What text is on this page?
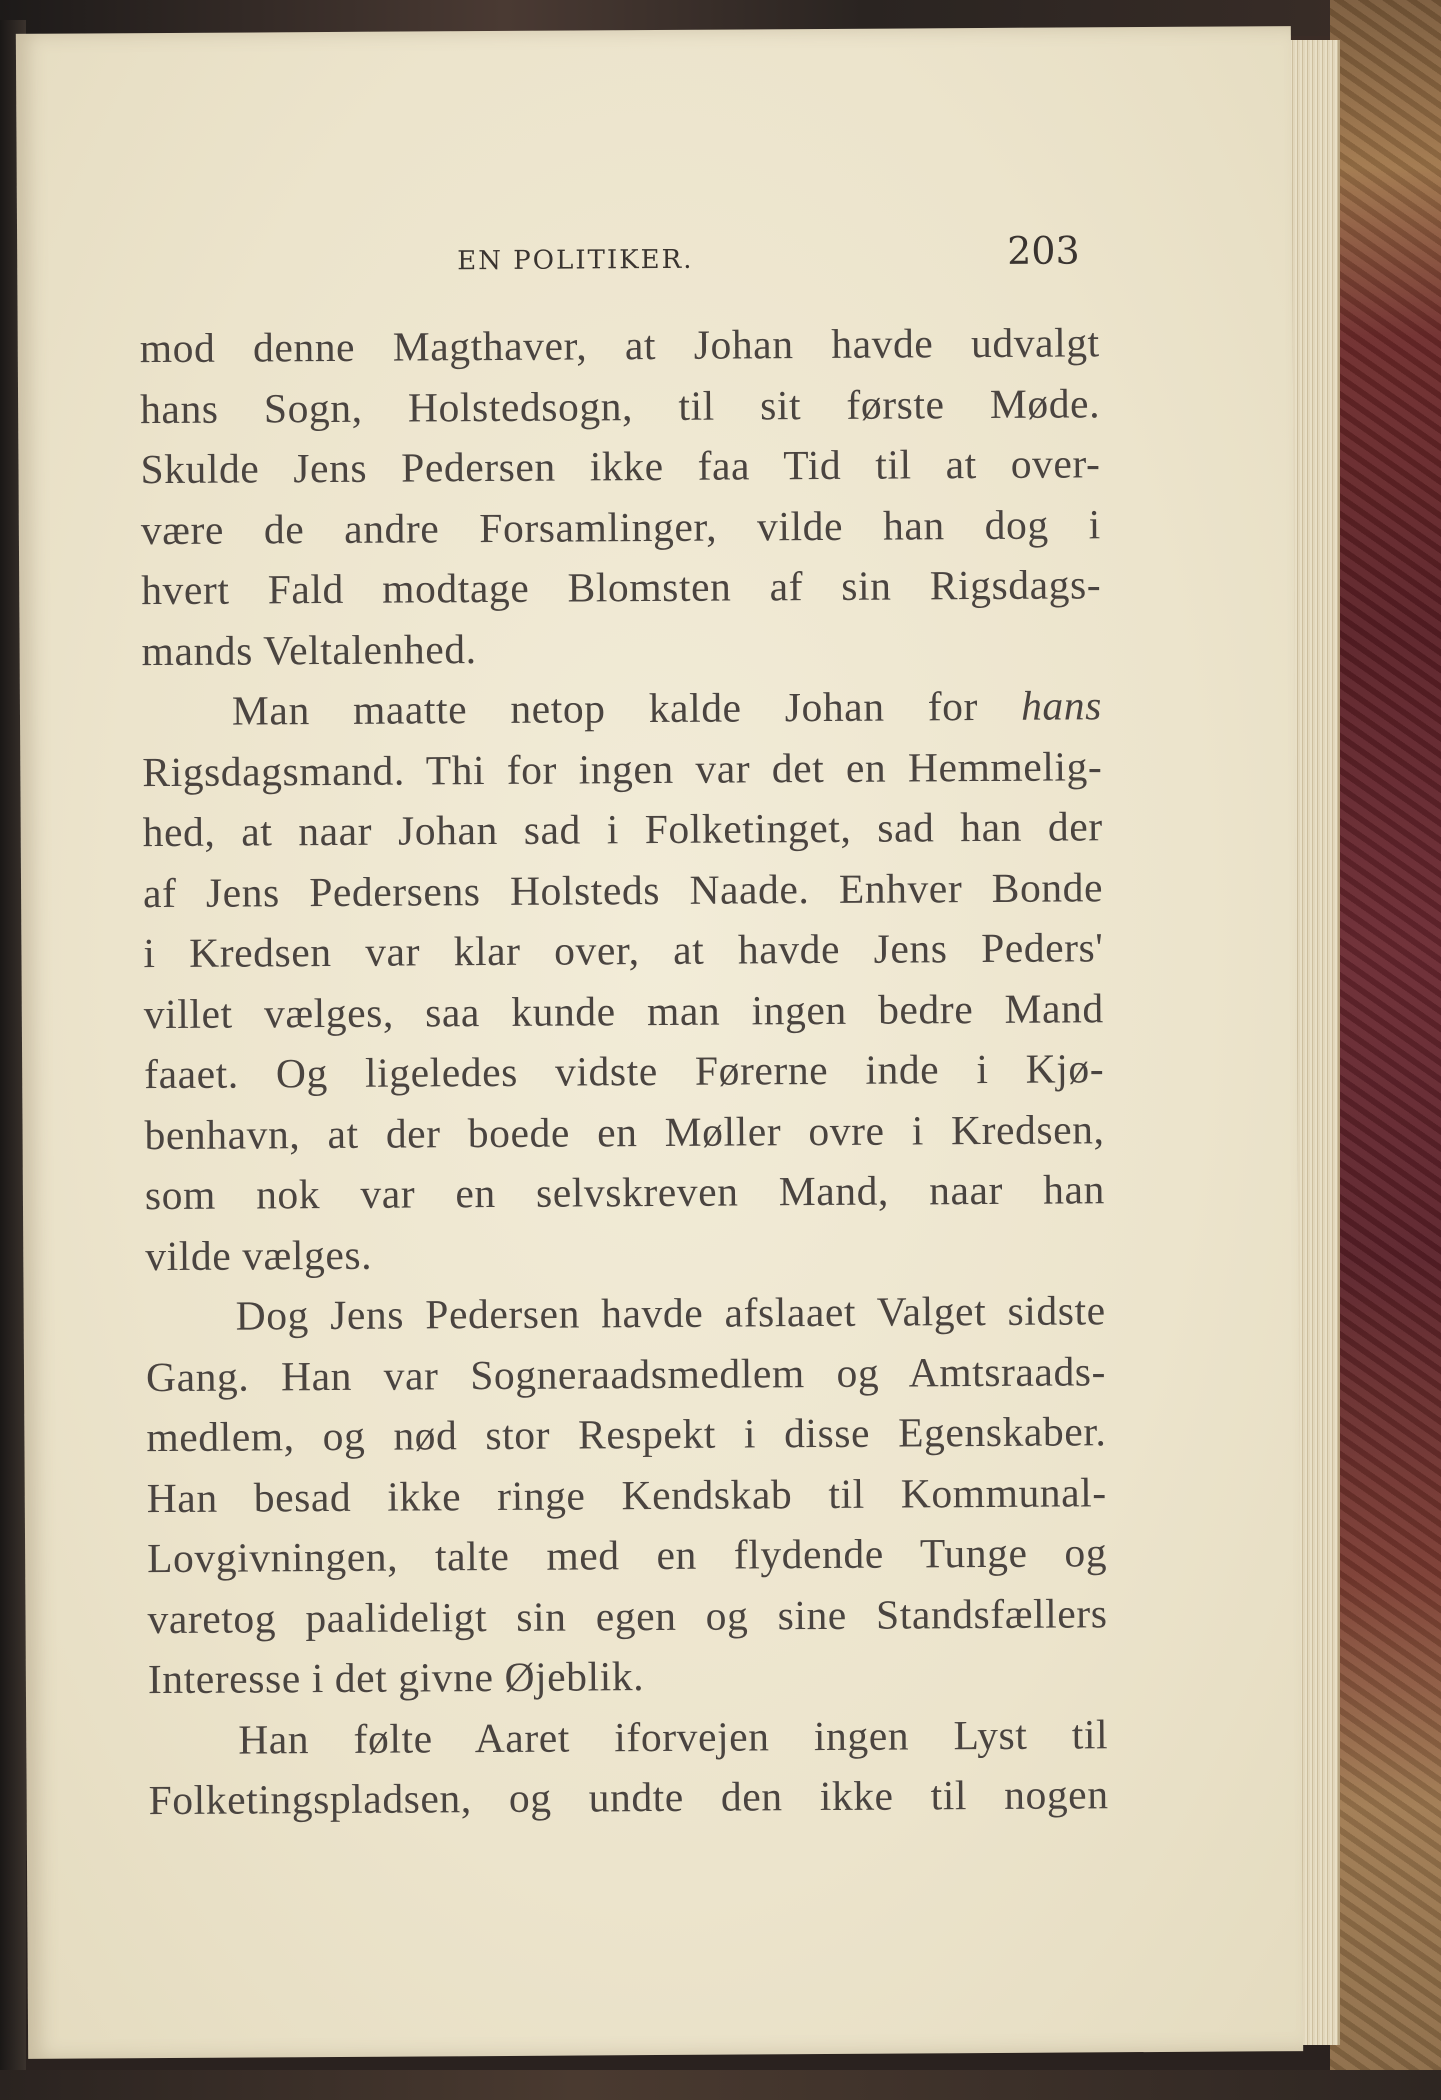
EN POLITIKER.	203
mod denne Magthaver, at Johan havde udvalgt
hans Sogn, Holstedsogn, til sit første Møde.
Skulde Jens Pedersen ikke faa Tid til at over-
være de andre Forsamlinger, vilde han dog i
hvert Fald modtage Blomsten af sin Rigsdags-
mands Veltalenhed.
Man maatte netop kalde Johan for hans
Rigsdagsmand. Thi for ingen var det en Hemmelig-
hed, at naar Johan sad i Folketinget, sad han der
af Jens Pedersens Holsteds Naade. Enhver Bonde
i Kredsen var klar over, at havde Jens Peders'
villet vælges, saa kunde man ingen bedre Mand
faaet. Og ligeledes vidste Førerne inde i Kjø-
benhavn, at der boede en Møller ovre i Kredsen,
som nok var en selvskreven Mand, naar han
vilde vælges.
Dog Jens Pedersen havde afslaaet Valget sidste
Gang. Han var Sogneraadsmedlem og Amtsraads-
medlem, og nød stor Respekt i disse Egenskaber.
Han besad ikke ringe Kendskab til Kommunal-
Lovgivningen, talte med en flydende Tunge og
varetog paalideligt sin egen og sine Standsfællers
Interesse i det givne Øjeblik.
Han følte Aaret iforvejen ingen Lyst til
Folketingspladsen, og undte den ikke til nogen
